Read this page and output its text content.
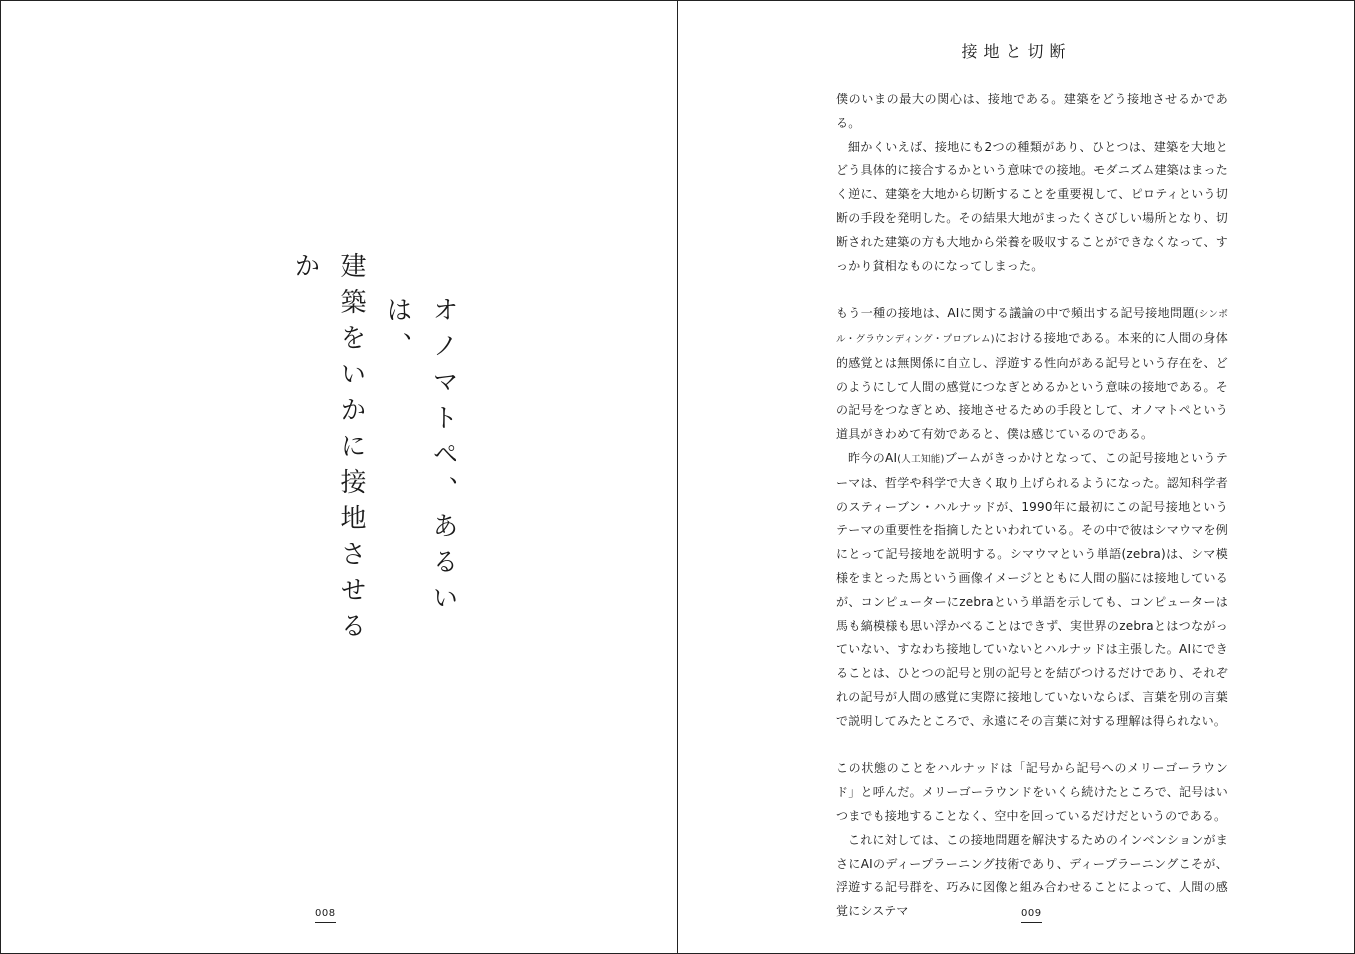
オノマトペ、あるいは、
建築をいかに接地させるか
008
接地と切断

僕のいまの最大の関心は、接地である。建築をどう接地させるかである。

細かくいえば、接地にも2つの種類があり、ひとつは、建築を大地とどう具体的に接合するかという意味での接地。モダニズム建築はまったく逆に、建築を大地から切断することを重要視して、ピロティという切断の手段を発明した。その結果大地がまったくさびしい場所となり、切断された建築の方も大地から栄養を吸収することができなくなって、すっかり貧相なものになってしまった。

もう一種の接地は、AIに関する議論の中で頻出する記号接地問題(シンボル・グラウンディング・プロブレム)における接地である。本来的に人間の身体的感覚とは無関係に自立し、浮遊する性向がある記号という存在を、どのようにして人間の感覚につなぎとめるかという意味の接地である。その記号をつなぎとめ、接地させるための手段として、オノマトペという道具がきわめて有効であると、僕は感じているのである。

昨今のAI(人工知能)ブームがきっかけとなって、この記号接地というテーマは、哲学や科学で大きく取り上げられるようになった。認知科学者のスティーブン・ハルナッドが、1990年に最初にこの記号接地というテーマの重要性を指摘したといわれている。その中で彼はシマウマを例にとって記号接地を説明する。シマウマという単語(zebra)は、シマ模様をまとった馬という画像イメージとともに人間の脳には接地しているが、コンピューターにzebraという単語を示しても、コンピューターは馬も縞模様も思い浮かべることはできず、実世界のzebraとはつながっていない、すなわち接地していないとハルナッドは主張した。AIにできることは、ひとつの記号と別の記号とを結びつけるだけであり、それぞれの記号が人間の感覚に実際に接地していないならば、言葉を別の言葉で説明してみたところで、永遠にその言葉に対する理解は得られない。

この状態のことをハルナッドは「記号から記号へのメリーゴーラウンド」と呼んだ。メリーゴーラウンドをいくら続けたところで、記号はいつまでも接地することなく、空中を回っているだけだというのである。

これに対しては、この接地問題を解決するためのインベンションがまさにAIのディープラーニング技術であり、ディープラーニングこそが、浮遊する記号群を、巧みに図像と組み合わせることによって、人間の感覚にシステマ	009
